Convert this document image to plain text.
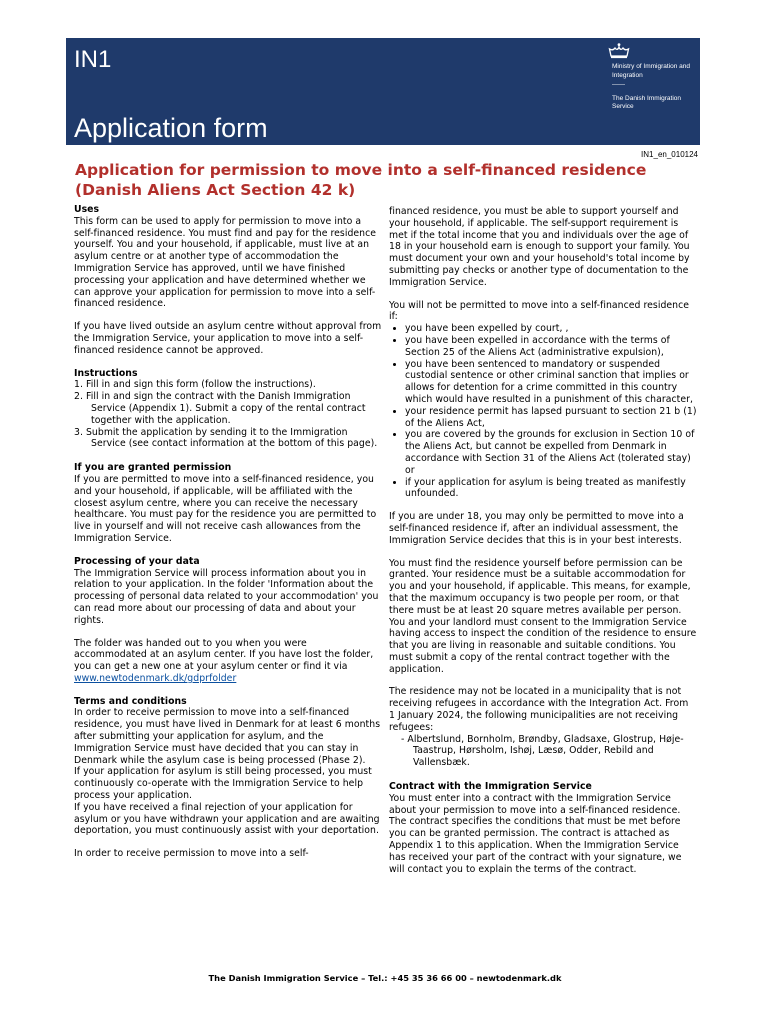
IN1
Application form
Ministry of Immigration and Integration
——
The Danish Immigration Service
IN1_en_010124
Application for permission to move into a self-financed residence (Danish Aliens Act Section 42 k)
Uses

This form can be used to apply for permission to move into a self-financed residence. You must find and pay for the residence yourself. You and your household, if applicable, must live at an asylum centre or at another type of accommodation the Immigration Service has approved, until we have finished processing your application and have determined whether we can approve your application for permission to move into a self-financed residence.

If you have lived outside an asylum centre without approval from the Immigration Service, your application to move into a self-financed residence cannot be approved.

Instructions
1. Fill in and sign this form (follow the instructions).
2. Fill in and sign the contract with the Danish Immigration Service (Appendix 1). Submit a copy of the rental contract together with the application.
3. Submit the application by sending it to the Immigration Service (see contact information at the bottom of this page).
If you are granted permission

If you are permitted to move into a self-financed residence, you and your household, if applicable, will be affiliated with the closest asylum centre, where you can receive the necessary healthcare. You must pay for the residence you are permitted to live in yourself and will not receive cash allowances from the Immigration Service.

Processing of your data

The Immigration Service will process information about you in relation to your application. In the folder 'Information about the processing of personal data related to your accommodation' you can read more about our processing of data and about your rights.

The folder was handed out to you when you were accommodated at an asylum center. If you have lost the folder, you can get a new one at your asylum center or find it via www.newtodenmark.dk/gdprfolder

Terms and conditions
In order to receive permission to move into a self-financed residence, you must have lived in Denmark for at least 6 months after submitting your application for asylum, and the Immigration Service must have decided that you can stay in Denmark while the asylum case is being processed (Phase 2).
If your application for asylum is still being processed, you must continuously co-operate with the Immigration Service to help process your application.

If you have received a final rejection of your application for asylum or you have withdrawn your application and are awaiting deportation, you must continuously assist with your deportation.

In order to receive permission to move into a self-

financed residence, you must be able to support yourself and your household, if applicable. The self-support requirement is met if the total income that you and individuals over the age of 18 in your household earn is enough to support your family. You must document your own and your household's total income by submitting pay checks or another type of documentation to the Immigration Service.

You will not be permitted to move into a self-financed residence if:
• you have been expelled by court, ,
• you have been expelled in accordance with the terms of Section 25 of the Aliens Act (administrative expulsion),
• you have been sentenced to mandatory or suspended custodial sentence or other criminal sanction that implies or allows for detention for a crime committed in this country which would have resulted in a punishment of this character,
• your residence permit has lapsed pursuant to section 21 b (1) of the Aliens Act,
• you are covered by the grounds for exclusion in Section 10 of the Aliens Act, but cannot be expelled from Denmark in accordance with Section 31 of the Aliens Act (tolerated stay) or
• if your application for asylum is being treated as manifestly unfounded.

If you are under 18, you may only be permitted to move into a self-financed residence if, after an individual assessment, the Immigration Service decides that this is in your best interests.

You must find the residence yourself before permission can be granted. Your residence must be a suitable accommodation for you and your household, if applicable. This means, for example, that the maximum occupancy is two people per room, or that there must be at least 20 square metres available per person. You and your landlord must consent to the Immigration Service having access to inspect the condition of the residence to ensure that you are living in reasonable and suitable conditions. You must submit a copy of the rental contract together with the application.

The residence may not be located in a municipality that is not receiving refugees in accordance with the Integration Act. From 1 January 2024, the following municipalities are not receiving refugees:
- Albertslund, Bornholm, Brøndby, Gladsaxe, Glostrup, Høje-Taastrup, Hørsholm, Ishøj, Læsø, Odder, Rebild and Vallensbæk.
Contract with the Immigration Service

You must enter into a contract with the Immigration Service about your permission to move into a self-financed residence. The contract specifies the conditions that must be met before you can be granted permission. The contract is attached as Appendix 1 to this application. When the Immigration Service has received your part of the contract with your signature, we will contact you to explain the terms of the contract.

The Danish Immigration Service – Tel.: +45 35 36 66 00 – newtodenmark.dk
